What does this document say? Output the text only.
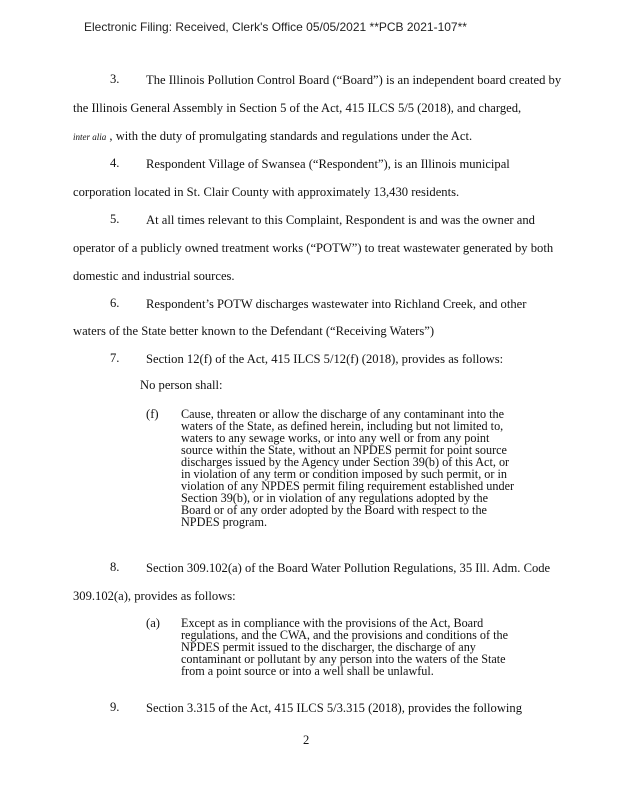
Electronic Filing: Received, Clerk's Office 05/05/2021 **PCB 2021-107**
3. The Illinois Pollution Control Board (“Board”) is an independent board created by
the Illinois General Assembly in Section 5 of the Act, 415 ILCS 5/5 (2018), and charged,
inter alia , with the duty of promulgating standards and regulations under the Act.
4. Respondent Village of Swansea (“Respondent”), is an Illinois municipal
corporation located in St. Clair County with approximately 13,430 residents.
5. At all times relevant to this Complaint, Respondent is and was the owner and
operator of a publicly owned treatment works (“POTW”) to treat wastewater generated by both
domestic and industrial sources.
6. Respondent’s POTW discharges wastewater into Richland Creek, and other
waters of the State better known to the Defendant (“Receiving Waters”)
7. Section 12(f) of the Act, 415 ILCS 5/12(f) (2018), provides as follows:
No person shall:
(f) Cause, threaten or allow the discharge of any contaminant into the
waters of the State, as defined herein, including but not limited to,
waters to any sewage works, or into any well or from any point
source within the State, without an NPDES permit for point source
discharges issued by the Agency under Section 39(b) of this Act, or
in violation of any term or condition imposed by such permit, or in
violation of any NPDES permit filing requirement established under
Section 39(b), or in violation of any regulations adopted by the
Board or of any order adopted by the Board with respect to the
NPDES program.
8. Section 309.102(a) of the Board Water Pollution Regulations, 35 Ill. Adm. Code
309.102(a), provides as follows:
(a) Except as in compliance with the provisions of the Act, Board
regulations, and the CWA, and the provisions and conditions of the
NPDES permit issued to the discharger, the discharge of any
contaminant or pollutant by any person into the waters of the State
from a point source or into a well shall be unlawful.
9. Section 3.315 of the Act, 415 ILCS 5/3.315 (2018), provides the following
2
